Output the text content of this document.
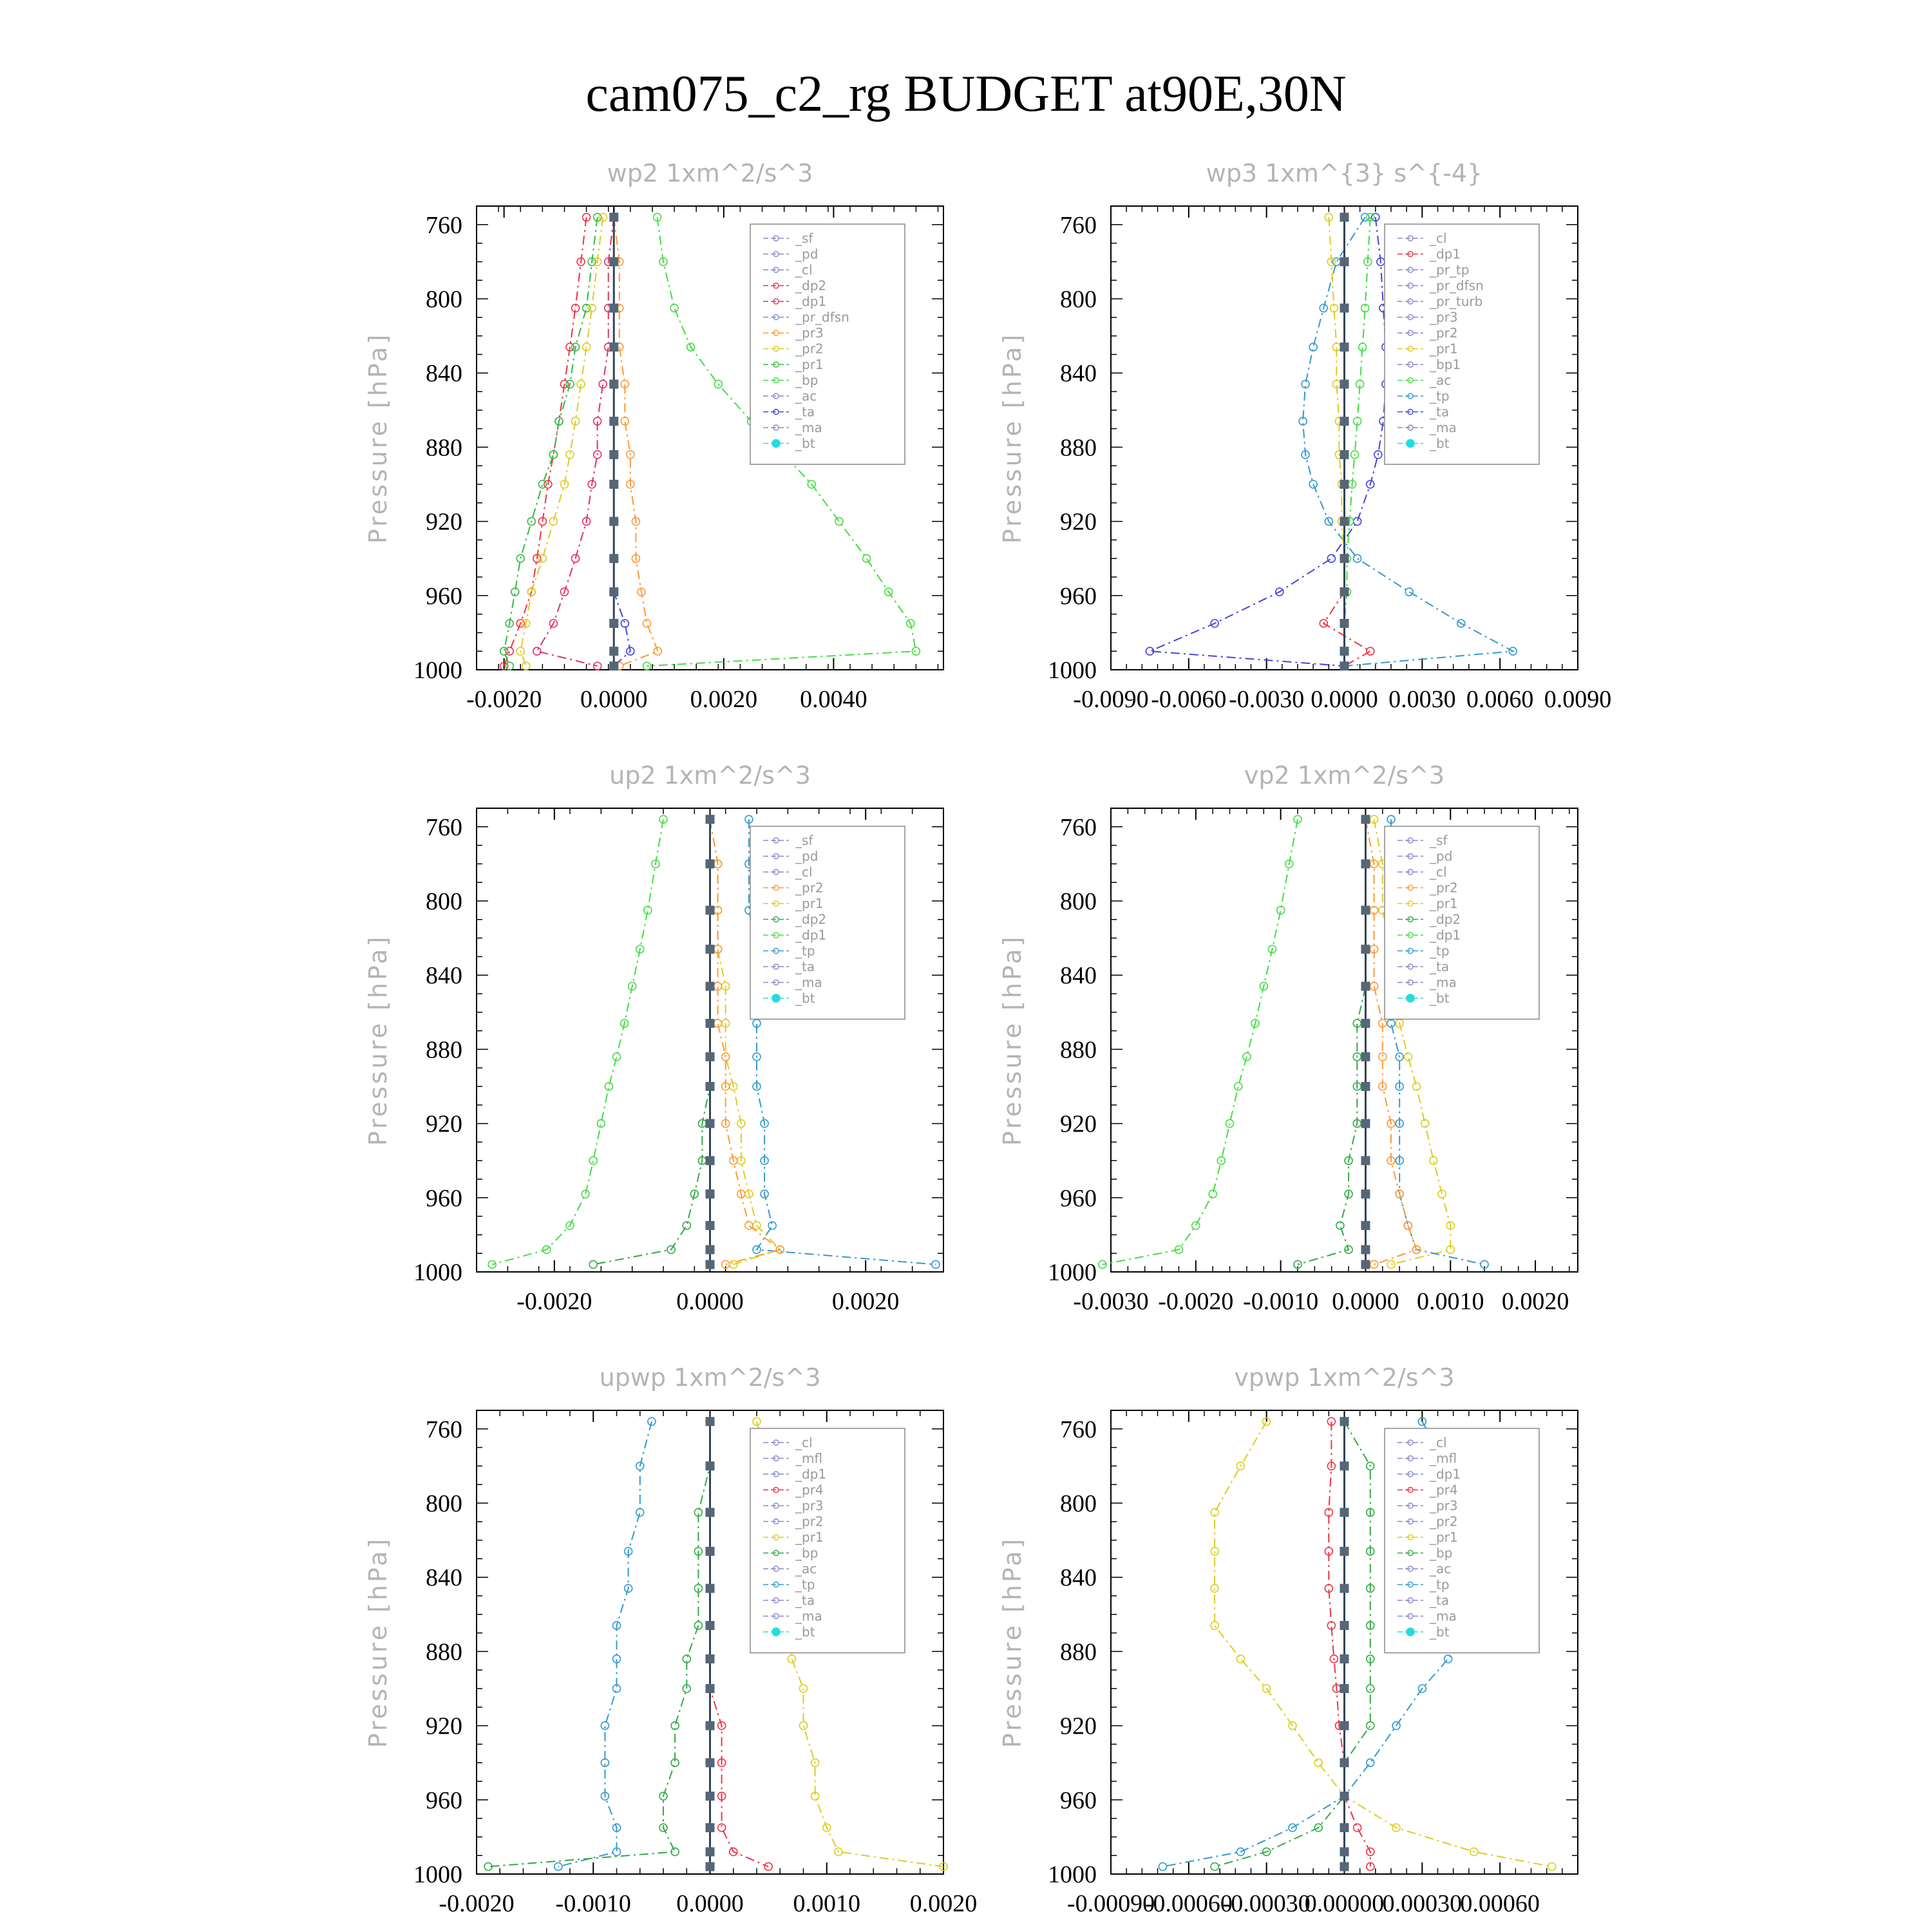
cam075_c2_rg BUDGET at90E,30N
wp2 1xm^2/s^3
Pressure [hPa]
760
800
840
880
920
960
1000
-0.0020 0.0000 0.0020 0.0040
_sf
_pd
_cl
_dp2
_dp1
_pr_dfsn
_pr3
_pr2
_pr1
_bp
_ac
_ta
_ma
_bt
wp3 1xm^{3} s^{-4}
Pressure [hPa]
760
800
840
880
920
960
1000
-0.0090 -0.0060 -0.0030 0.0000 0.0030 0.0060 0.0090
_cl
_dp1
_pr_tp
_pr_dfsn
_pr_turb
_pr3
_pr2
_pr1
_bp1
_ac
_tp
_ta
_ma
_bt
up2 1xm^2/s^3
Pressure [hPa]
760
800
840
880
920
960
1000
-0.0020	0.0000	0.0020
_sf
_pd
_cl
_pr2
_pr1
_dp2
_dp1
_tp
_ta
_ma
_bt
vp2 1xm^2/s^3
Pressure [hPa]
760
800
840
880
920
960
1000
-0.0030 -0.0020 -0.0010 0.0000 0.0010 0.0020
_sf
_pd
_cl
_pr2
_pr1
_dp2
_dp1
_tp
_ta
_ma
_bt
upwp 1xm^2/s^3
Pressure [hPa]
760
800
840
880
920
960
1000
-0.0020 -0.0010 0.0000 0.0010 0.0020
_cl
_mfl
_dp1
_pr4
_pr3
_pr2
_pr1
_bp
_ac
_tp
_ta
_ma
_bt
vpwp 1xm^2/s^3
Pressure [hPa]
760
800
840
880
920
960
1000
-0.00090
-0.00060
-0.00030
0.00000
0.00030
0.00060
_cl
_mfl
_dp1
_pr4
_pr3
_pr2
_pr1
_bp
_ac
_tp
_ta
_ma
_bt
